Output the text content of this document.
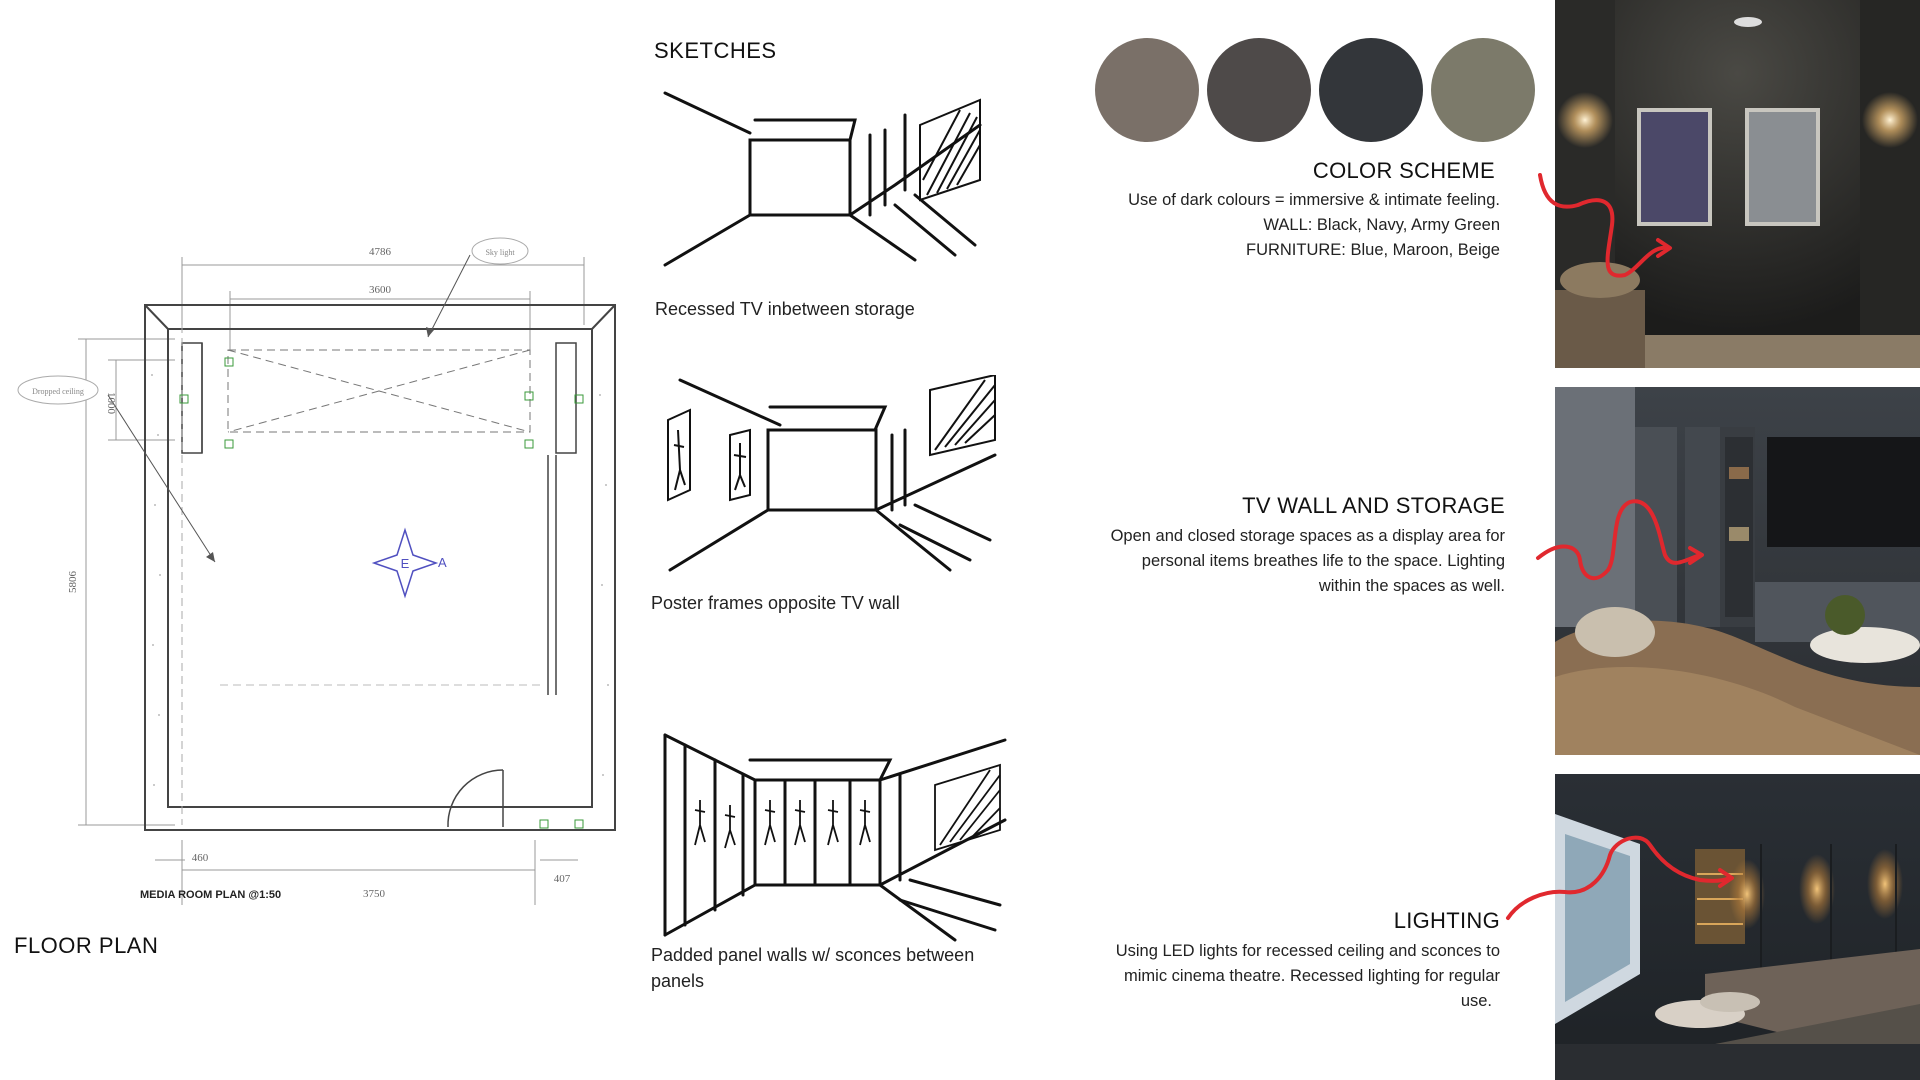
4786
3600
1000
5806
460
3750
407
Sky light
Dropped ceiling
E A
MEDIA ROOM PLAN @1:50
FLOOR PLAN
SKETCHES
Recessed TV inbetween storage
Poster frames opposite TV wall
Padded panel walls w/ sconces between panels
COLOR SCHEME
Use of dark colours = immersive & intimate feeling.
WALL: Black, Navy, Army Green
FURNITURE: Blue, Maroon, Beige
TV WALL AND STORAGE
Open and closed storage spaces as a display area for
personal items breathes life to the space. Lighting
within the spaces as well.
LIGHTING
Using LED lights for recessed ceiling and sconces to
mimic cinema theatre. Recessed lighting for regular
use.
